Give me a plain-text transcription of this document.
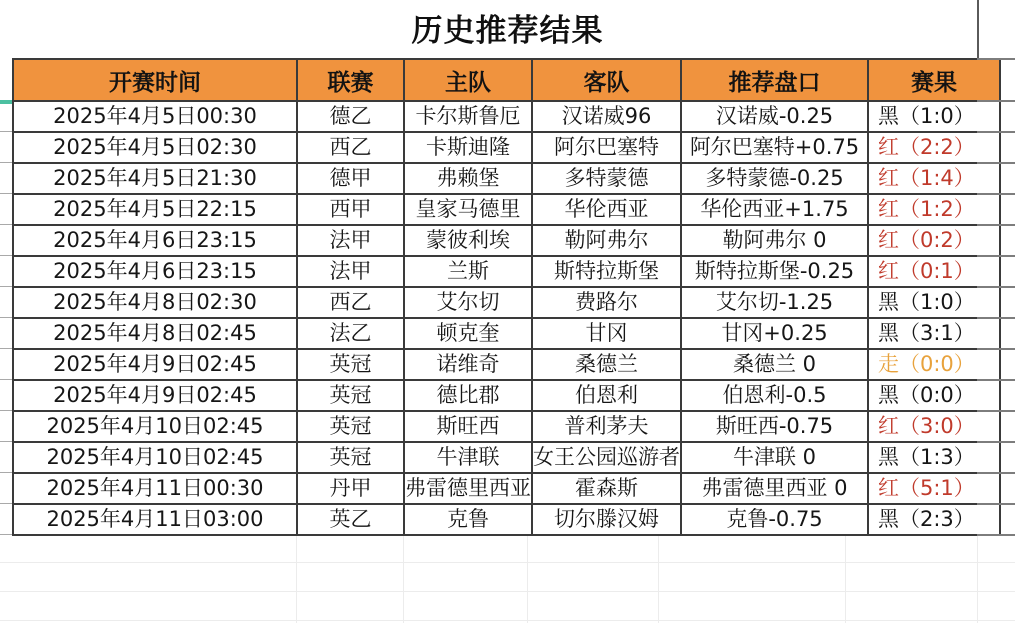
历史推荐结果
开赛时间	联赛	主队	客队	推荐盘口	赛果
2025年4月5日00:30	德乙	卡尔斯鲁厄	汉诺威96	汉诺威-0.25	黑（1:0）
2025年4月5日02:30	西乙	卡斯迪隆	阿尔巴塞特	阿尔巴塞特+0.75	红（2:2）
2025年4月5日21:30	德甲	弗赖堡	多特蒙德	多特蒙德-0.25	红（1:4）
2025年4月5日22:15	西甲	皇家马德里	华伦西亚	华伦西亚+1.75	红（1:2）
2025年4月6日23:15	法甲	蒙彼利埃	勒阿弗尔	勒阿弗尔 0	红（0:2）
2025年4月6日23:15	法甲	兰斯	斯特拉斯堡	斯特拉斯堡-0.25	红（0:1）
2025年4月8日02:30	西乙	艾尔切	费路尔	艾尔切-1.25	黑（1:0）
2025年4月8日02:45	法乙	顿克奎	甘冈	甘冈+0.25	黑（3:1）
2025年4月9日02:45	英冠	诺维奇	桑德兰	桑德兰 0	走（0:0）
2025年4月9日02:45	英冠	德比郡	伯恩利	伯恩利-0.5	黑（0:0）
2025年4月10日02:45	英冠	斯旺西	普利茅夫	斯旺西-0.75	红（3:0）
2025年4月10日02:45	英冠	牛津联	女王公园巡游者	牛津联 0	黑（1:3）
2025年4月11日00:30	丹甲	弗雷德里西亚	霍森斯	弗雷德里西亚 0	红（5:1）
2025年4月11日03:00	英乙	克鲁	切尔滕汉姆	克鲁-0.75	黑（2:3）
